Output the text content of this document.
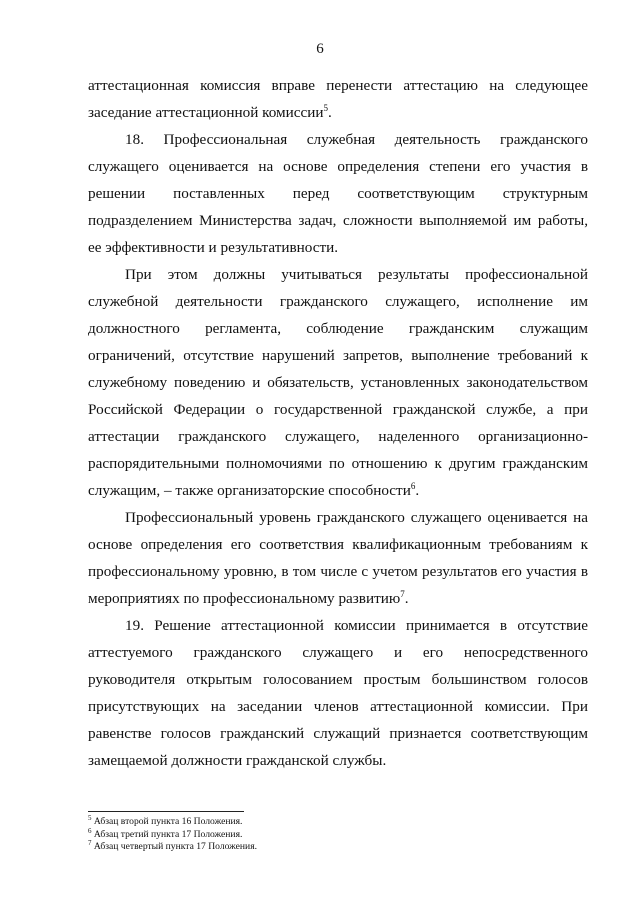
6

аттестационная комиссия вправе перенести аттестацию на следующее заседание аттестационной комиссии$^5$.

18. Профессиональная служебная деятельность гражданского служащего оценивается на основе определения степени его участия в решении поставленных перед соответствующим структурным подразделением Министерства задач, сложности выполняемой им работы, ее эффективности и результативности.

При этом должны учитываться результаты профессиональной служебной деятельности гражданского служащего, исполнение им должностного регламента, соблюдение гражданским служащим ограничений, отсутствие нарушений запретов, выполнение требований к служебному поведению и обязательств, установленных законодательством Российской Федерации о государственной гражданской службе, а при аттестации гражданского служащего, наделенного организационно-распорядительными полномочиями по отношению к другим гражданским служащим, – также организаторские способности$^6$.

Профессиональный уровень гражданского служащего оценивается на основе определения его соответствия квалификационным требованиям к профессиональному уровню, в том числе с учетом результатов его участия в мероприятиях по профессиональному развитию$^7$.

19. Решение аттестационной комиссии принимается в отсутствие аттестуемого гражданского служащего и его непосредственного руководителя открытым голосованием простым большинством голосов присутствующих на заседании членов аттестационной комиссии. При равенстве голосов гражданский служащий признается соответствующим замещаемой должности гражданской службы.

$^5$ Абзац второй пункта 16 Положения.
$^6$ Абзац третий пункта 17 Положения.
$^7$ Абзац четвертый пункта 17 Положения.
